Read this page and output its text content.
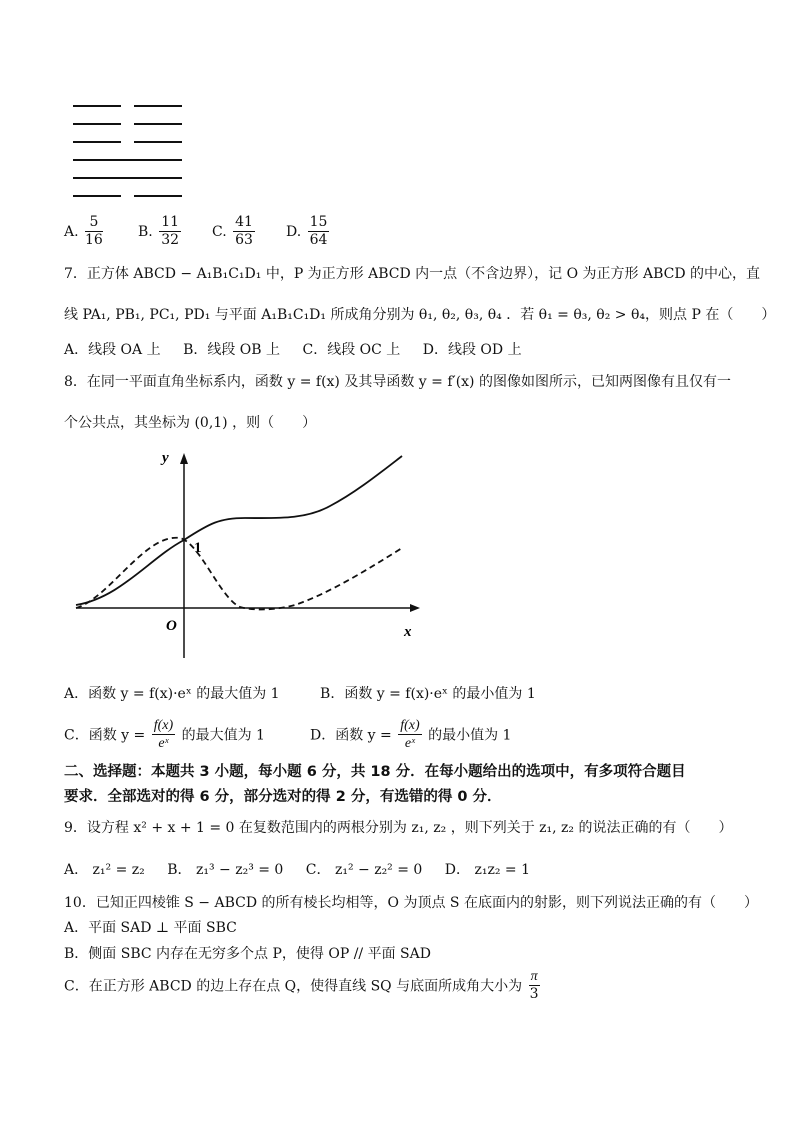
A. $\frac{5}{16}$	B. $\frac{11}{32} C$. $\frac{41}{63} D$. $\frac{15}{64}$
7．正方体 ABCD − A₁B₁C₁D₁ 中，P 为正方形 ABCD 内一点（不含边界），记 O 为正方形 ABCD 的中心，直
线 PA₁, PB₁, PC₁, PD₁ 与平面 A₁B₁C₁D₁ 所成角分别为 θ₁, θ₂, θ₃, θ₄ ．若 θ₁ = θ₃, θ₂ > θ₄，则点 P 在（　　）
A．线段 OA 上 B．线段 OB 上 C．线段 OC 上 D．线段 OD 上
8．在同一平面直角坐标系内，函数 y = f(x) 及其导函数 y = f′(x) 的图像如图所示，已知两图像有且仅有一
个公共点，其坐标为 (0,1) ，则（　　）
y
x
O
1
A．函数 y = f(x)·eˣ 的最大值为 1	B．函数 y = f(x)·eˣ 的最小值为 1
C．函数 $y = \frac{f(x)}{\text{eˣ}}$ 的最大值为 1	D．函数 $y = \frac{f(x)}{\text{eˣ}}$ 的最小值为 1
二、选择题：本题共 3 小题，每小题 6 分，共 18 分．在每小题给出的选项中，有多项符合题目
要求．全部选对的得 6 分，部分选对的得 2 分，有选错的得 0 分．
9．设方程 x² + x + 1 = 0 在复数范围内的两根分别为 z₁, z₂ ，则下列关于 z₁, z₂ 的说法正确的有（　　）
A． z₁² = z₂ B． z₁³ − z₂³ = 0 C． z₁² − z₂² = 0 D． z₁z₂ = 1
10．已知正四棱锥 S − ABCD 的所有棱长均相等，O 为顶点 S 在底面内的射影，则下列说法正确的有（　　）
A．平面 SAD ⊥ 平面 SBC
B．侧面 SBC 内存在无穷多个点 P，使得 OP // 平面 SAD
C．在正方形 ABCD 的边上存在点 Q，使得直线 SQ 与底面所成角大小为 $\frac{\pi}{3}$
